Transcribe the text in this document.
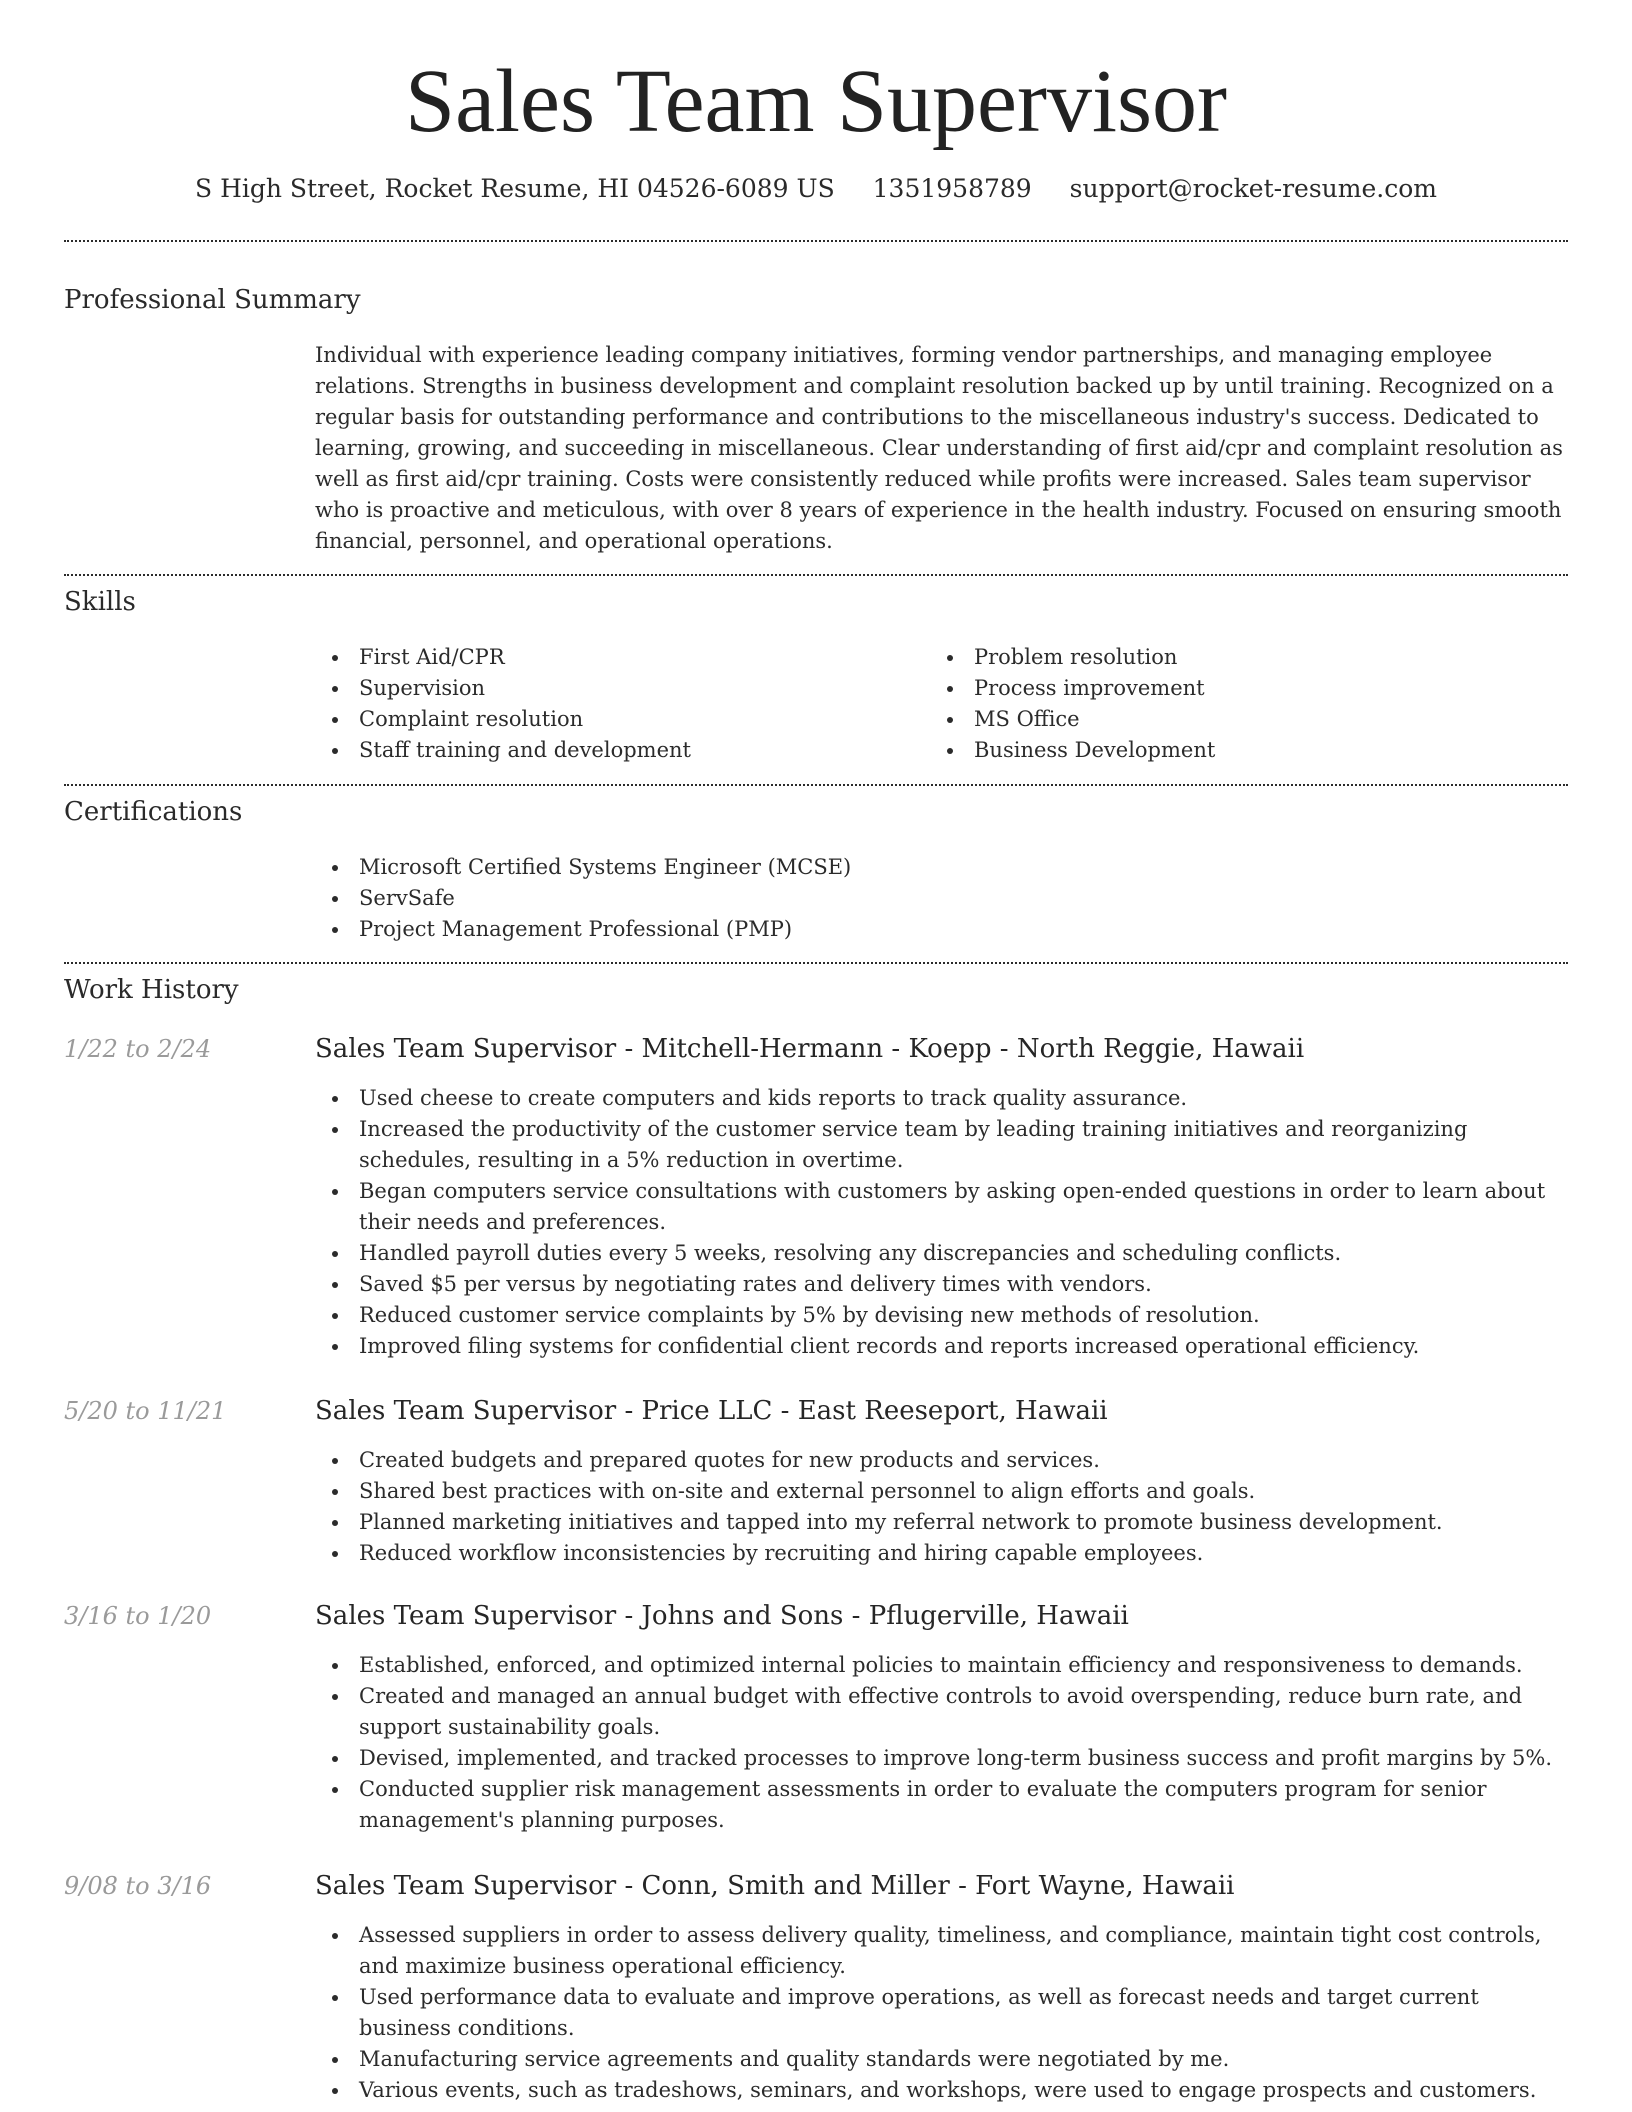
Sales Team Supervisor
S High Street, Rocket Resume, HI 04526-6089 US 1351958789 support@rocket-resume.com
Professional Summary

Individual with experience leading company initiatives, forming vendor partnerships, and managing employee relations. Strengths in business development and complaint resolution backed up by until training. Recognized on a regular basis for outstanding performance and contributions to the miscellaneous industry's success. Dedicated to learning, growing, and succeeding in miscellaneous. Clear understanding of first aid/cpr and complaint resolution as well as first aid/cpr training. Costs were consistently reduced while profits were increased. Sales team supervisor who is proactive and meticulous, with over 8 years of experience in the health industry. Focused on ensuring smooth financial, personnel, and operational operations.

Skills
First Aid/CPR
Supervision
Complaint resolution
Staff training and development
Problem resolution
Process improvement
MS Office
Business Development
Certifications
Microsoft Certified Systems Engineer (MCSE)
ServSafe
Project Management Professional (PMP)
Work History
1/22 to 2/24	Sales Team Supervisor - Mitchell-Hermann - Koepp - North Reggie, Hawaii
Used cheese to create computers and kids reports to track quality assurance.
Increased the productivity of the customer service team by leading training initiatives and reorganizing schedules, resulting in a 5% reduction in overtime.
Began computers service consultations with customers by asking open-ended questions in order to learn about their needs and preferences.
Handled payroll duties every 5 weeks, resolving any discrepancies and scheduling conflicts.
Saved $5 per versus by negotiating rates and delivery times with vendors.
Reduced customer service complaints by 5% by devising new methods of resolution.
Improved filing systems for confidential client records and reports increased operational efficiency.
5/20 to 11/21	Sales Team Supervisor - Price LLC - East Reeseport, Hawaii
Created budgets and prepared quotes for new products and services.
Shared best practices with on-site and external personnel to align efforts and goals.
Planned marketing initiatives and tapped into my referral network to promote business development.
Reduced workflow inconsistencies by recruiting and hiring capable employees.
3/16 to 1/20	Sales Team Supervisor - Johns and Sons - Pflugerville, Hawaii
Established, enforced, and optimized internal policies to maintain efficiency and responsiveness to demands.
Created and managed an annual budget with effective controls to avoid overspending, reduce burn rate, and support sustainability goals.
Devised, implemented, and tracked processes to improve long-term business success and profit margins by 5%.
Conducted supplier risk management assessments in order to evaluate the computers program for senior management's planning purposes.
9/08 to 3/16	Sales Team Supervisor - Conn, Smith and Miller - Fort Wayne, Hawaii
Assessed suppliers in order to assess delivery quality, timeliness, and compliance, maintain tight cost controls, and maximize business operational efficiency.
Used performance data to evaluate and improve operations, as well as forecast needs and target current business conditions.
Manufacturing service agreements and quality standards were negotiated by me.
Various events, such as tradeshows, seminars, and workshops, were used to engage prospects and customers.
